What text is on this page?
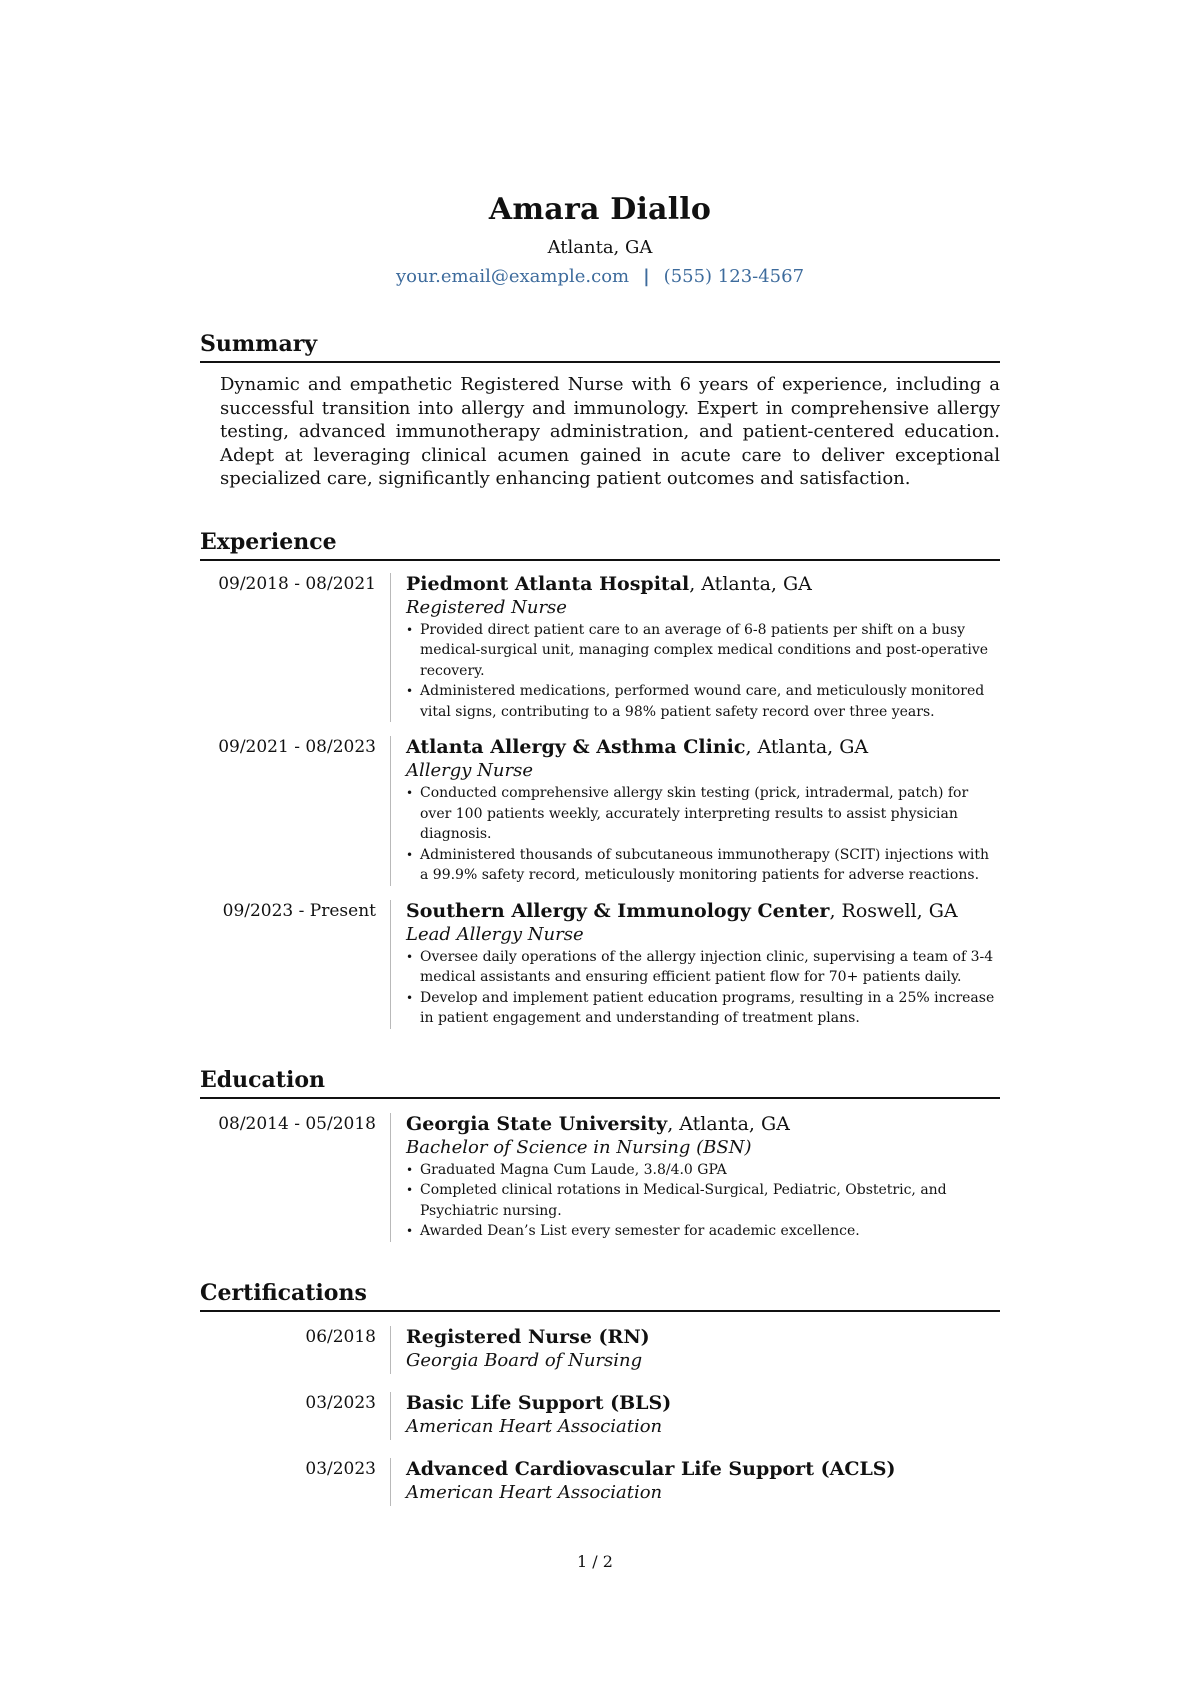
Amara Diallo
Atlanta, GA
your.email@example.com | (555) 123-4567
Summary
Dynamic and empathetic Registered Nurse with 6 years of experience, including a successful transition into allergy and immunology. Expert in comprehensive allergy testing, advanced immunotherapy administration, and patient-centered education. Adept at leveraging clinical acumen gained in acute care to deliver exceptional specialized care, significantly enhancing patient outcomes and satisfaction.
Experience
09/2018 - 08/2021	Piedmont Atlanta Hospital, Atlanta, GA
Registered Nurse
• Provided direct patient care to an average of 6-8 patients per shift on a busy medical-surgical unit, managing complex medical conditions and post-operative recovery.
• Administered medications, performed wound care, and meticulously monitored vital signs, contributing to a 98% patient safety record over three years.
09/2021 - 08/2023	Atlanta Allergy & Asthma Clinic, Atlanta, GA
Allergy Nurse
• Conducted comprehensive allergy skin testing (prick, intradermal, patch) for over 100 patients weekly, accurately interpreting results to assist physician diagnosis.
• Administered thousands of subcutaneous immunotherapy (SCIT) injections with a 99.9% safety record, meticulously monitoring patients for adverse reactions.
09/2023 - Present	Southern Allergy & Immunology Center, Roswell, GA
Lead Allergy Nurse
• Oversee daily operations of the allergy injection clinic, supervising a team of 3-4 medical assistants and ensuring efficient patient flow for 70+ patients daily.
• Develop and implement patient education programs, resulting in a 25% increase in patient engagement and understanding of treatment plans.
Education
08/2014 - 05/2018	Georgia State University, Atlanta, GA
Bachelor of Science in Nursing (BSN)
• Graduated Magna Cum Laude, 3.8/4.0 GPA
• Completed clinical rotations in Medical-Surgical, Pediatric, Obstetric, and Psychiatric nursing.
• Awarded Dean’s List every semester for academic excellence.
Certifications
06/2018	Registered Nurse (RN)
Georgia Board of Nursing
03/2023	Basic Life Support (BLS)
American Heart Association
03/2023	Advanced Cardiovascular Life Support (ACLS)
American Heart Association
1 / 2
